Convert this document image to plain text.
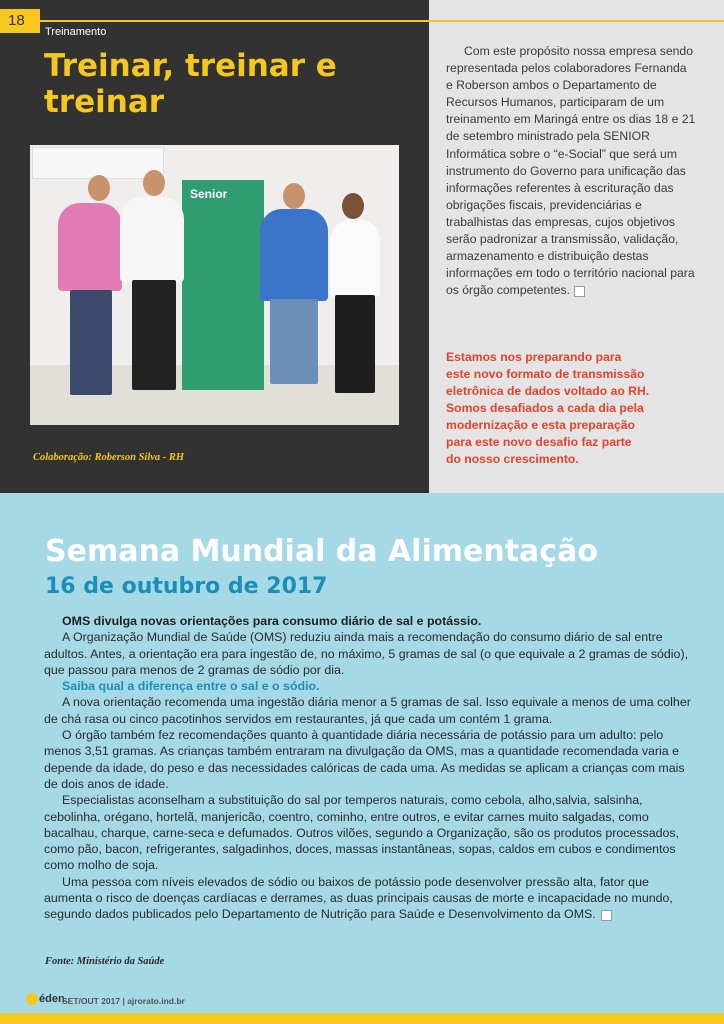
18
Treinamento
Treinar, treinar e treinar
Senior
Colaboração: Roberson Silva - RH

Com este propósito nossa empresa sendo representada pelos colaboradores Fernanda e Roberson ambos o Departamento de Recursos Humanos, participaram de um treinamento em Maringá entre os dias 18 e 21 de setembro ministrado pela SENIOR Informática sobre o “e-Social” que será um instrumento do Governo para unificação das informações referentes à escrituração das obrigações fiscais, previdenciárias e trabalhistas das empresas, cujos objetivos serão padronizar a transmissão, validação, armazenamento e distribuição destas informações em todo o território nacional para os órgão competentes.

Estamos nos preparando para
este novo formato de transmissão
eletrônica de dados voltado ao RH.
Somos desafiados a cada dia pela
modernização e esta preparação
para este novo desafio faz parte
do nosso crescimento.
Semana Mundial da Alimentação
16 de outubro de 2017

OMS divulga novas orientações para consumo diário de sal e potássio.

A Organização Mundial de Saúde (OMS) reduziu ainda mais a recomendação do consumo diário de sal entre adultos. Antes, a orientação era para ingestão de, no máximo, 5 gramas de sal (o que equivale a 2 gramas de sódio), que passou para menos de 2 gramas de sódio por dia.

Saiba qual a diferença entre o sal e o sódio.

A nova orientação recomenda uma ingestão diária menor a 5 gramas de sal. Isso equivale a menos de uma colher de chá rasa ou cinco pacotinhos servidos em restaurantes, já que cada um contém 1 grama.

O órgão também fez recomendações quanto à quantidade diária necessária de potássio para um adulto: pelo menos 3,51 gramas. As crianças também entraram na divulgação da OMS, mas a quantidade recomendada varia e depende da idade, do peso e das necessidades calóricas de cada uma. As medidas se aplicam a crianças com mais de dois anos de idade.

Especialistas aconselham a substituição do sal por temperos naturais, como cebola, alho,salvia, salsinha, cebolinha, orégano, hortelã, manjericão, coentro, cominho, entre outros, e evitar carnes muito salgadas, como bacalhau, charque, carne-seca e defumados. Outros vilões, segundo a Organização, são os produtos processados, como pão, bacon, refrigerantes, salgadinhos, doces, massas instantâneas, sopas, caldos em cubos e condimentos como molho de soja.

Uma pessoa com níveis elevados de sódio ou baixos de potássio pode desenvolver pressão alta, fator que aumenta o risco de doenças cardíacas e derrames, as duas principais causas de morte e incapacidade no mundo, segundo dados publicados pelo Departamento de Nutrição para Saúde e Desenvolvimento da OMS.

Fonte: Ministério da Saúde
éden
SET/OUT 2017 | ajrorato.ind.br
